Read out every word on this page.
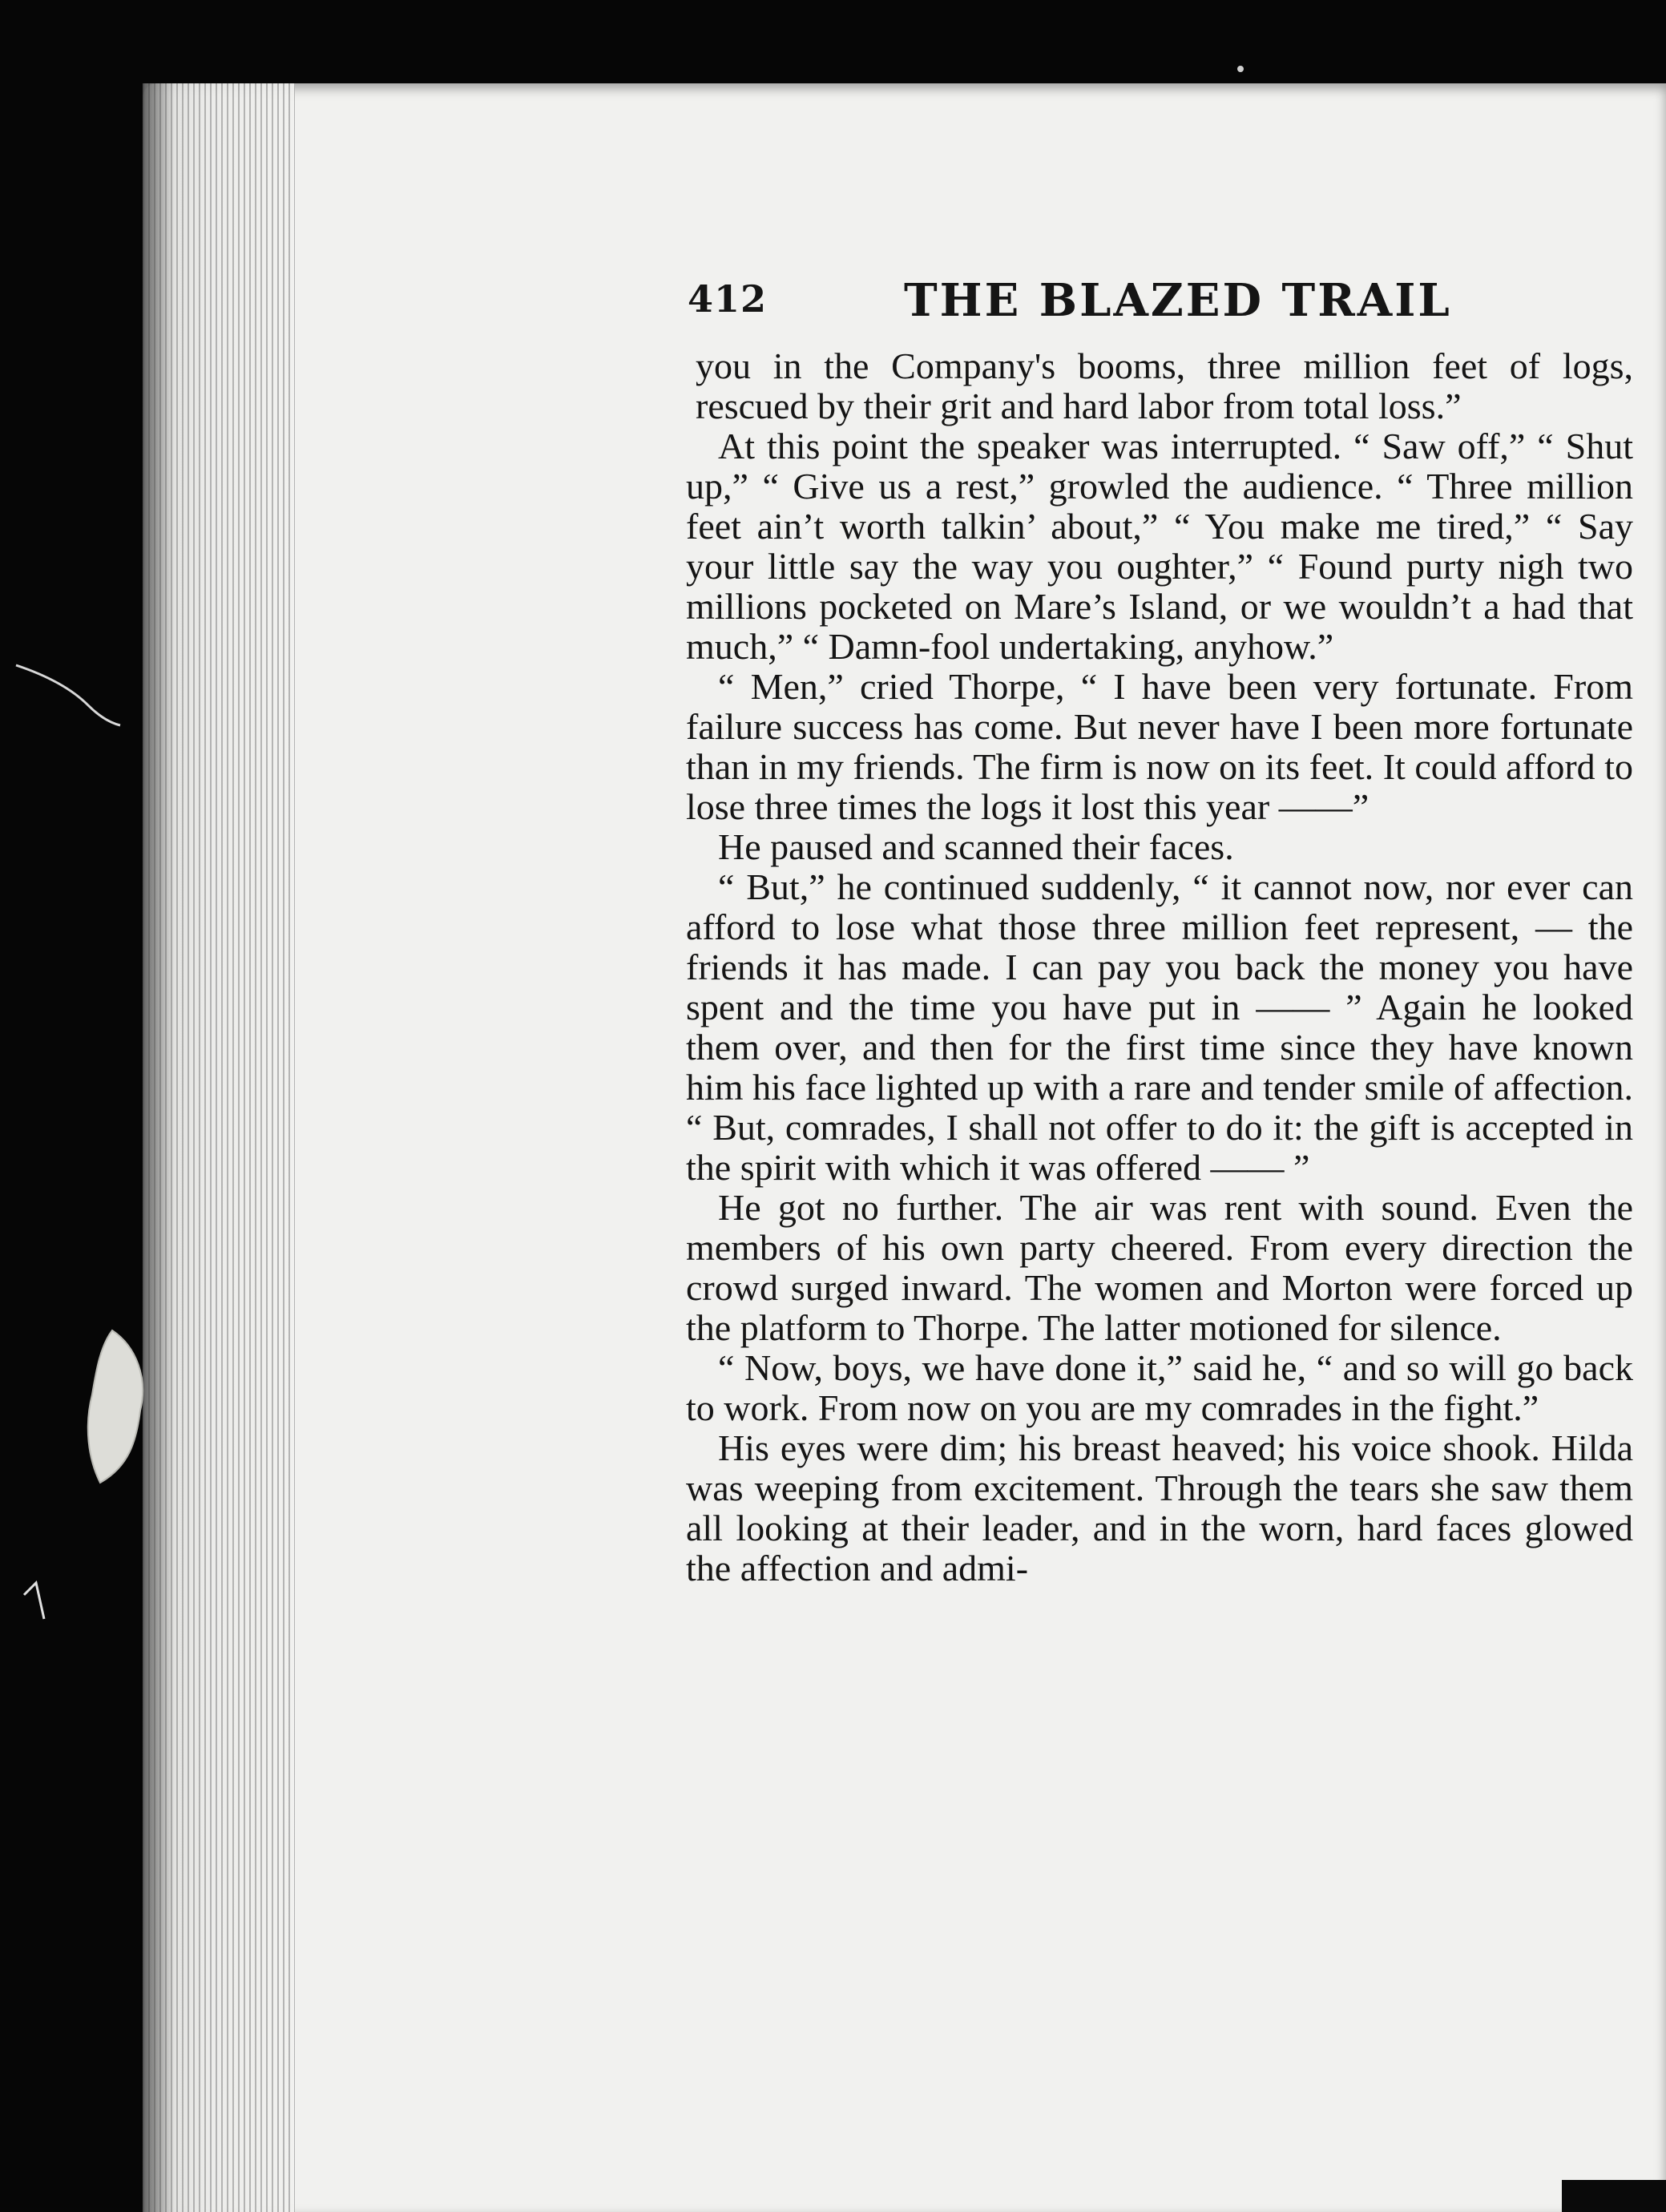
412	THE BLAZED TRAIL

you in the Company's booms, three million feet of logs, rescued by their grit and hard labor from total loss.”

At this point the speaker was interrupted. “ Saw off,” “ Shut up,” “ Give us a rest,” growled the audience. “ Three million feet ain’t worth talkin’ about,” “ You make me tired,” “ Say your little say the way you oughter,” “ Found purty nigh two millions pocketed on Mare’s Island, or we wouldn’t a had that much,” “ Damn-fool undertaking, anyhow.”

“ Men,” cried Thorpe, “ I have been very fortunate. From failure success has come. But never have I been more fortunate than in my friends. The firm is now on its feet. It could afford to lose three times the logs it lost this year ——”

He paused and scanned their faces.

“ But,” he continued suddenly, “ it cannot now, nor ever can afford to lose what those three million feet represent, — the friends it has made. I can pay you back the money you have spent and the time you have put in —— ” Again he looked them over, and then for the first time since they have known him his face lighted up with a rare and tender smile of affection. “ But, comrades, I shall not offer to do it: the gift is accepted in the spirit with which it was offered —— ”

He got no further. The air was rent with sound. Even the members of his own party cheered. From every direction the crowd surged inward. The women and Morton were forced up the platform to Thorpe. The latter motioned for silence.

“ Now, boys, we have done it,” said he, “ and so will go back to work. From now on you are my comrades in the fight.”

His eyes were dim; his breast heaved; his voice shook. Hilda was weeping from excitement. Through the tears she saw them all looking at their leader, and in the worn, hard faces glowed the affection and admi-
